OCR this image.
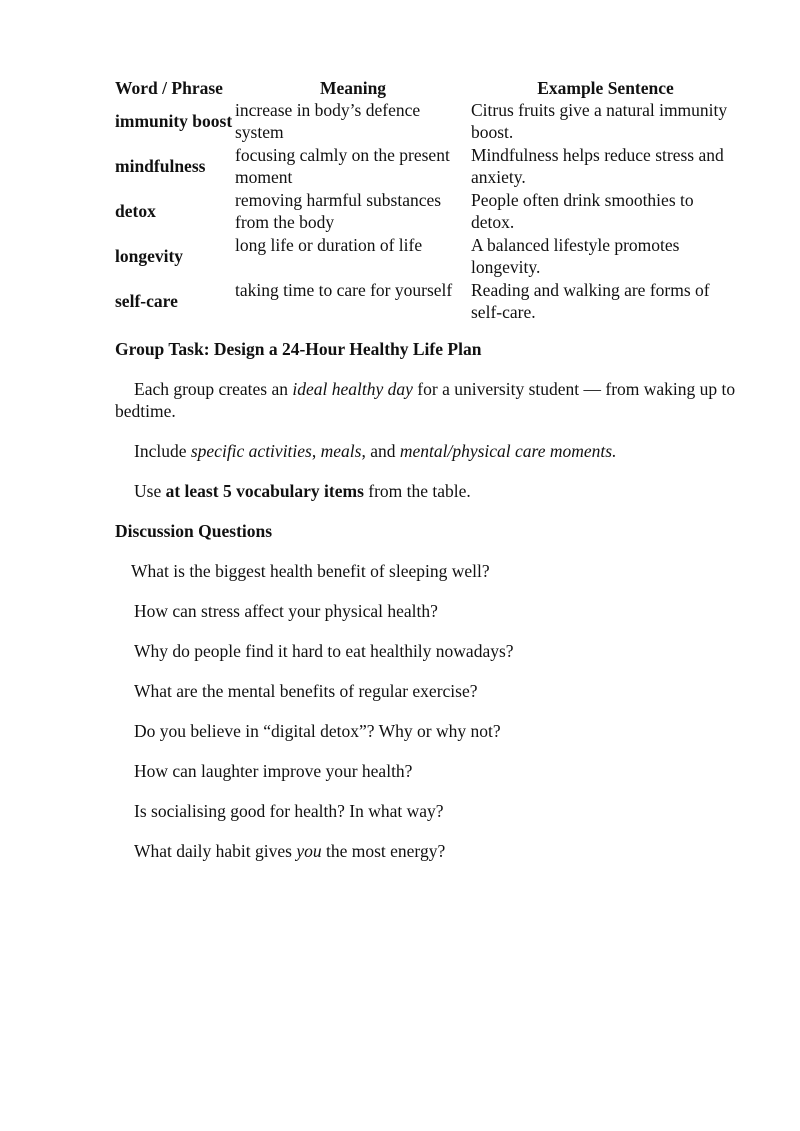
Word / Phrase	Meaning	Example Sentence
immunity boost	increase in body’s defence system	Citrus fruits give a natural immunity boost.
mindfulness	focusing calmly on the present moment	Mindfulness helps reduce stress and anxiety.
detox	removing harmful substances from the body	People often drink smoothies to detox.
longevity	long life or duration of life	A balanced lifestyle promotes longevity.
self-care	taking time to care for yourself	Reading and walking are forms of self-care.
Group Task: Design a 24-Hour Healthy Life Plan

Each group creates an ideal healthy day for a university student — from waking up to bedtime.

Include specific activities, meals, and mental/physical care moments.

Use at least 5 vocabulary items from the table.

Discussion Questions
What is the biggest health benefit of sleeping well?
How can stress affect your physical health?
Why do people find it hard to eat healthily nowadays?
What are the mental benefits of regular exercise?
Do you believe in “digital detox”? Why or why not?
How can laughter improve your health?
Is socialising good for health? In what way?
What daily habit gives you the most energy?
